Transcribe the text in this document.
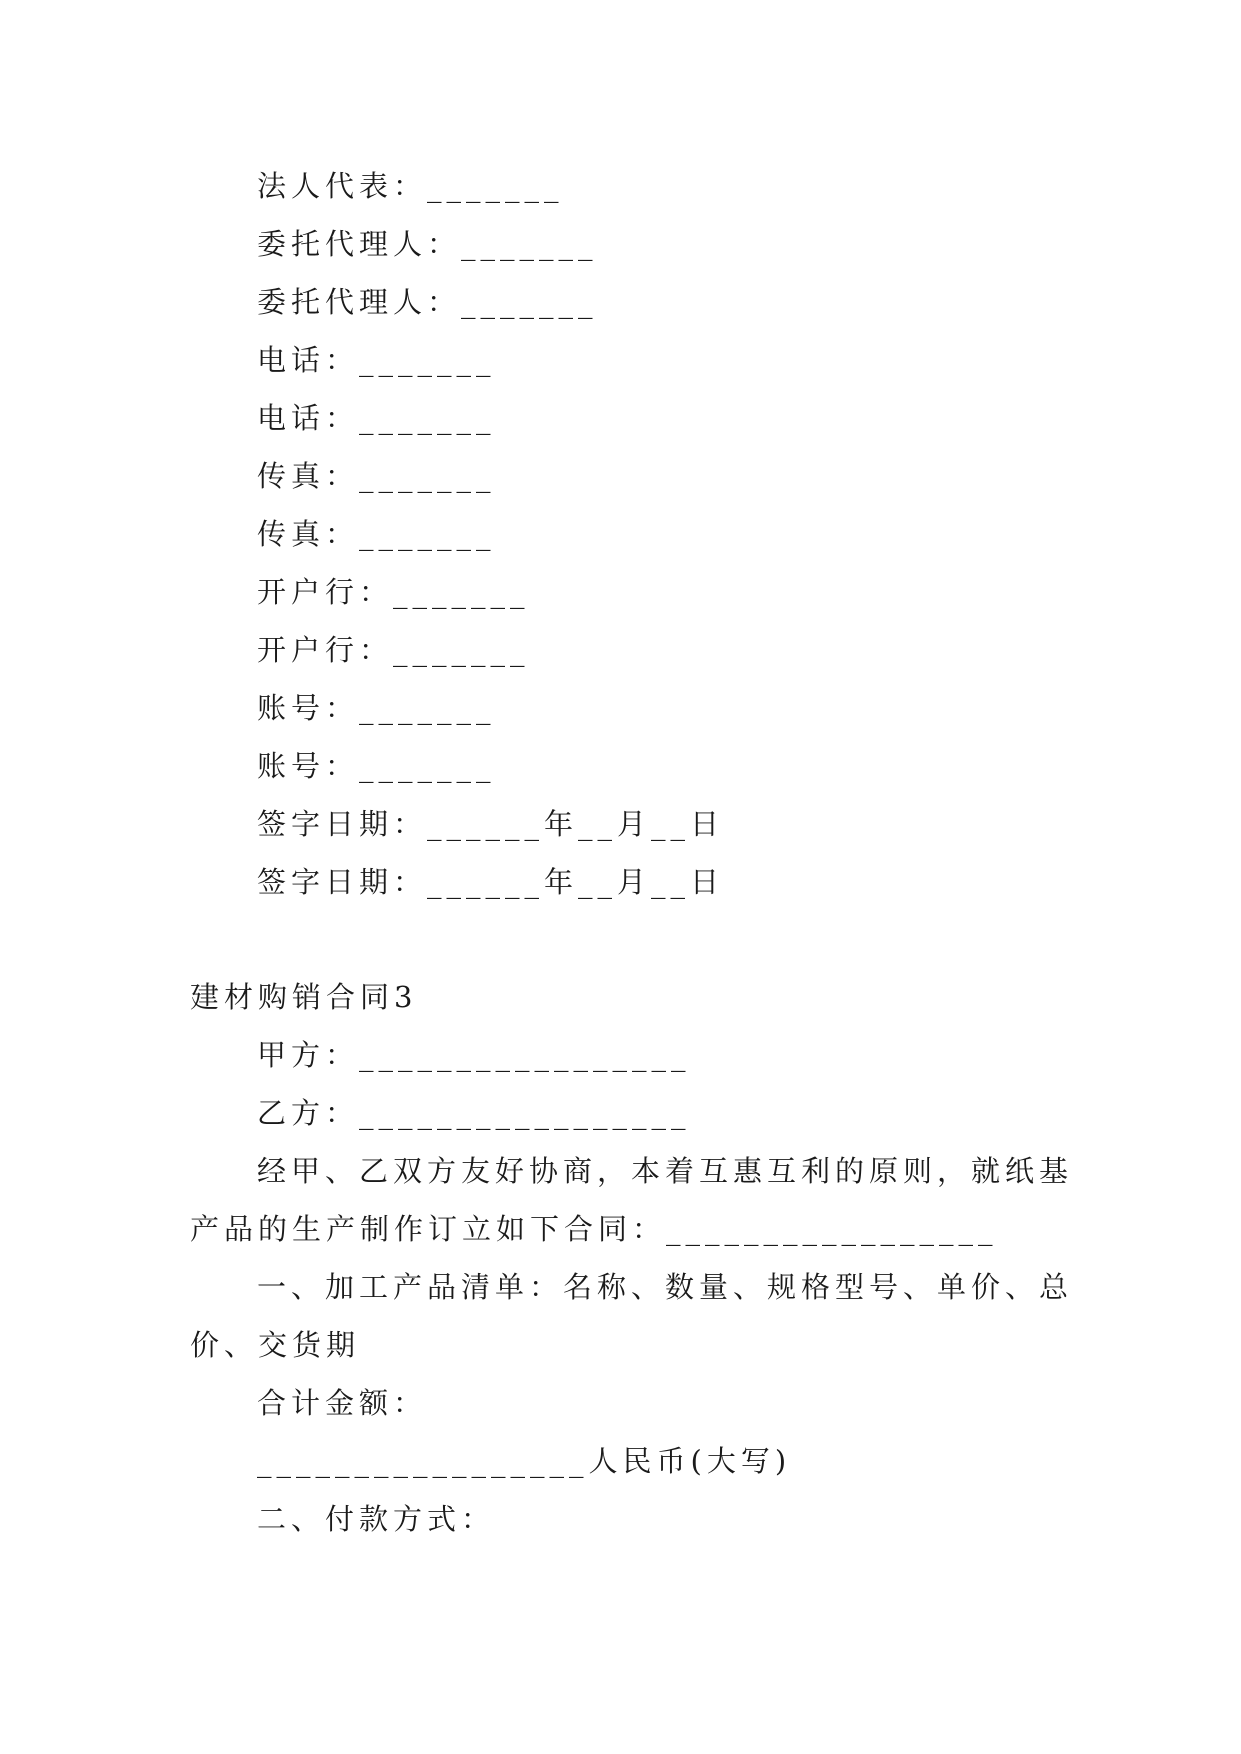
法人代表：_______
委托代理人：_______
委托代理人：_______
电话：_______
电话：_______
传真：_______
传真：_______
开户行：_______
开户行：_______
账号：_______
账号：_______
签字日期：______年__月__日
签字日期：______年__月__日
建材购销合同3
甲方：_________________
乙方：_________________
经甲、乙双方友好协商，本着互惠互利的原则，就纸基
产品的生产制作订立如下合同：_________________
一、加工产品清单：名称、数量、规格型号、单价、总
价、交货期
合计金额：
_________________人民币(大写)
二、付款方式：
